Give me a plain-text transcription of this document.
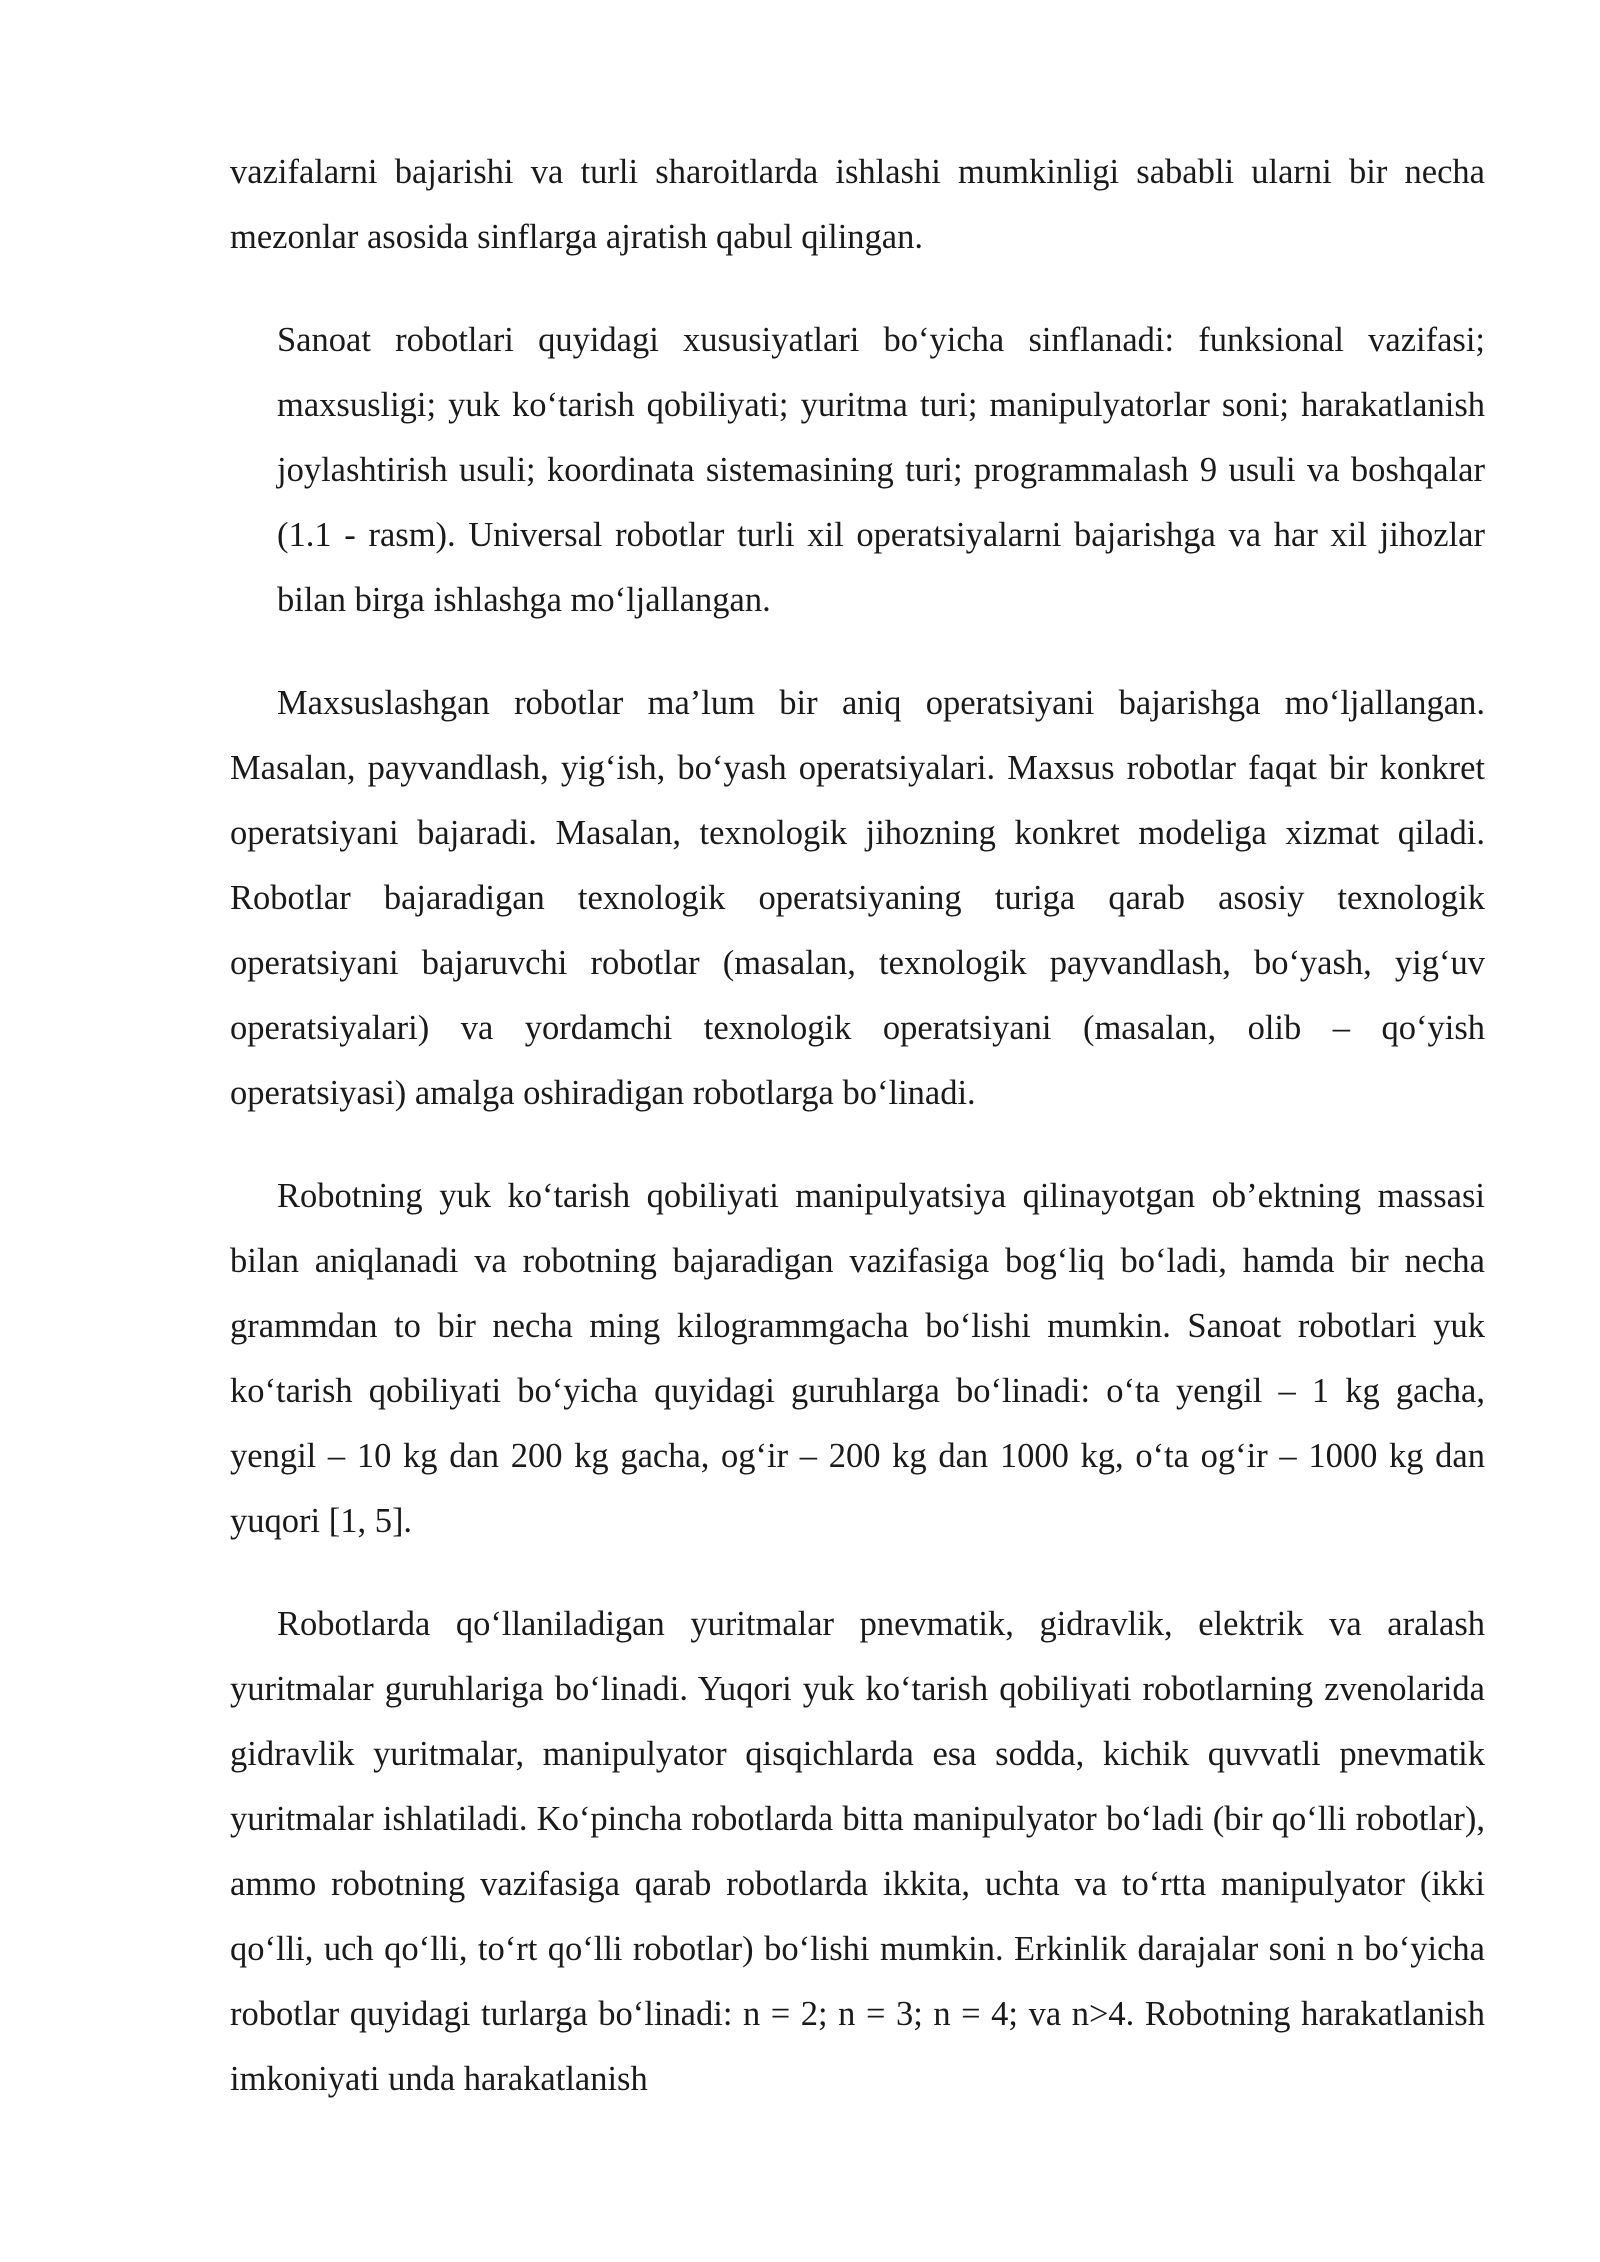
vazifalarni bajarishi va turli sharoitlarda ishlashi mumkinligi sababli ularni bir necha mezonlar asosida sinflarga ajratish qabul qilingan.

Sanoat robotlari quyidagi xususiyatlari bo‘yicha sinflanadi: funksional vazifasi; maxsusligi; yuk ko‘tarish qobiliyati; yuritma turi; manipulyatorlar soni; harakatlanish joylashtirish usuli; koordinata sistemasining turi; programmalash 9 usuli va boshqalar (1.1 - rasm). Universal robotlar turli xil operatsiyalarni bajarishga va har xil jihozlar bilan birga ishlashga mo‘ljallangan.

Maxsuslashgan robotlar ma’lum bir aniq operatsiyani bajarishga mo‘ljallangan. Masalan, payvandlash, yig‘ish, bo‘yash operatsiyalari. Maxsus robotlar faqat bir konkret operatsiyani bajaradi. Masalan, texnologik jihozning konkret modeliga xizmat qiladi. Robotlar bajaradigan texnologik operatsiyaning turiga qarab asosiy texnologik operatsiyani bajaruvchi robotlar (masalan, texnologik payvandlash, bo‘yash, yig‘uv operatsiyalari) va yordamchi texnologik operatsiyani (masalan, olib – qo‘yish operatsiyasi) amalga oshiradigan robotlarga bo‘linadi.

Robotning yuk ko‘tarish qobiliyati manipulyatsiya qilinayotgan ob’ektning massasi bilan aniqlanadi va robotning bajaradigan vazifasiga bog‘liq bo‘ladi, hamda bir necha grammdan to bir necha ming kilogrammgacha bo‘lishi mumkin. Sanoat robotlari yuk ko‘tarish qobiliyati bo‘yicha quyidagi guruhlarga bo‘linadi: o‘ta yengil – 1 kg gacha, yengil – 10 kg dan 200 kg gacha, og‘ir – 200 kg dan 1000 kg, o‘ta og‘ir – 1000 kg dan yuqori [1, 5].

Robotlarda qo‘llaniladigan yuritmalar pnevmatik, gidravlik, elektrik va aralash yuritmalar guruhlariga bo‘linadi. Yuqori yuk ko‘tarish qobiliyati robotlarning zvenolarida gidravlik yuritmalar, manipulyator qisqichlarda esa sodda, kichik quvvatli pnevmatik yuritmalar ishlatiladi. Ko‘pincha robotlarda bitta manipulyator bo‘ladi (bir qo‘lli robotlar), ammo robotning vazifasiga qarab robotlarda ikkita, uchta va to‘rtta manipulyator (ikki qo‘lli, uch qo‘lli, to‘rt qo‘lli robotlar) bo‘lishi mumkin. Erkinlik darajalar soni n bo‘yicha robotlar quyidagi turlarga bo‘linadi: n = 2; n = 3; n = 4; va n>4. Robotning harakatlanish imkoniyati unda harakatlanish
